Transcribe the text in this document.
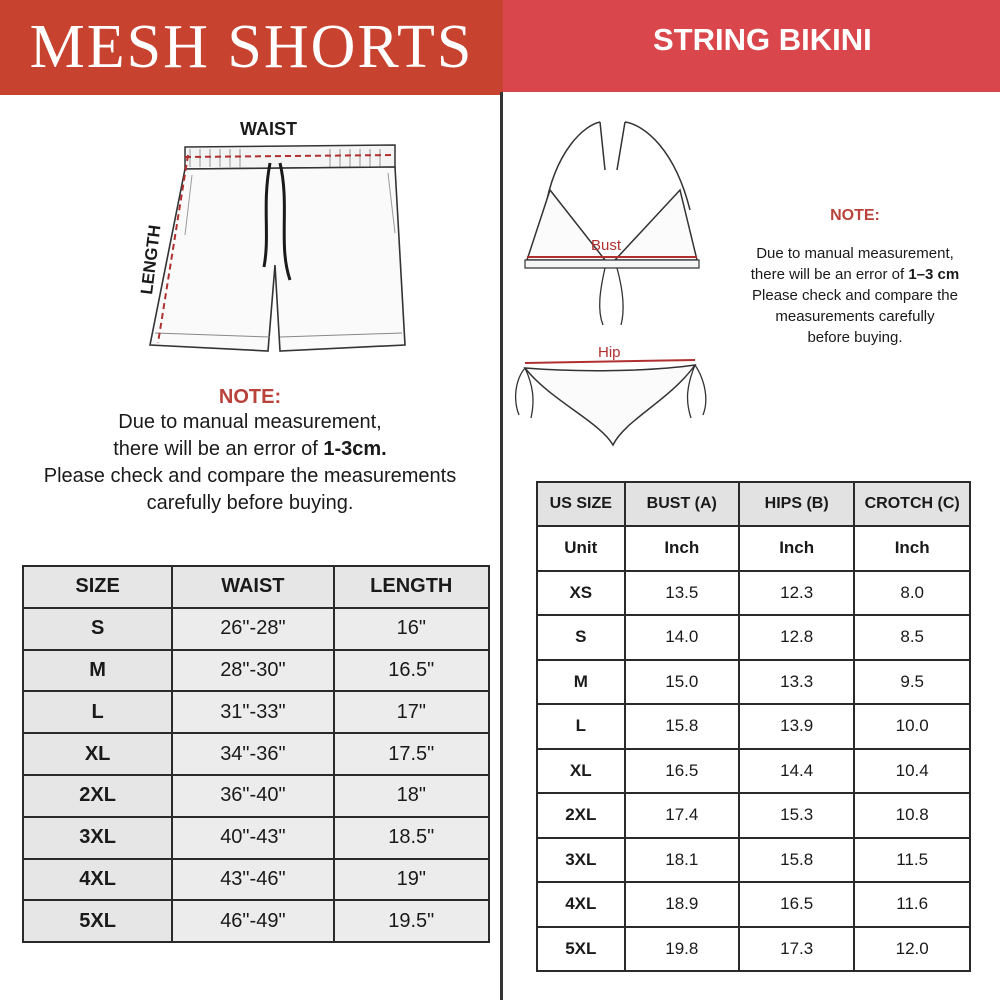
MESH SHORTS	STRING BIKINI
WAIST
LENGTH	Bust
Hip
NOTE:

Due to manual measurement,

there will be an error of 1-3cm.

Please check and compare the measurements

carefully before buying.

NOTE:

Due to manual measurement,

there will be an error of 1–3 cm

Please check and compare the

measurements carefully

before buying.

SIZE	WAIST	LENGTH
S	26"-28"	16"
M	28"-30"	16.5"
L	31"-33"	17"
XL	34"-36"	17.5"
2XL	36"-40"	18"
3XL	40"-43"	18.5"
4XL	43"-46"	19"
5XL	46"-49"	19.5"
US SIZE	BUST (A)	HIPS (B)	CROTCH (C)
Unit	Inch	Inch	Inch
XS	13.5	12.3	8.0
S	14.0	12.8	8.5
M	15.0	13.3	9.5
L	15.8	13.9	10.0
XL	16.5	14.4	10.4
2XL	17.4	15.3	10.8
3XL	18.1	15.8	11.5
4XL	18.9	16.5	11.6
5XL	19.8	17.3	12.0
